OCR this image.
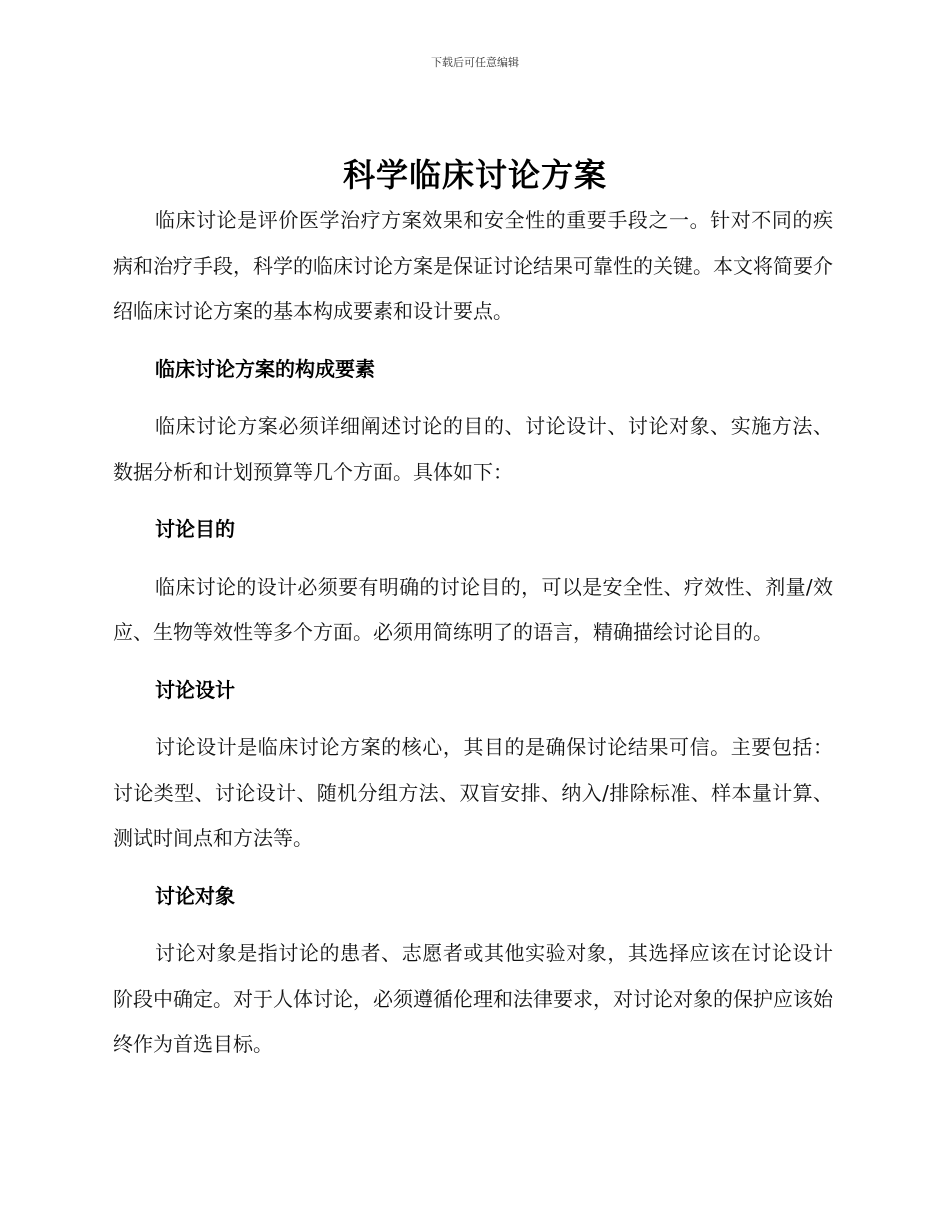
下载后可任意编辑
科学临床讨论方案

临床讨论是评价医学治疗方案效果和安全性的重要手段之一。针对不同的疾病和治疗手段，科学的临床讨论方案是保证讨论结果可靠性的关键。本文将简要介绍临床讨论方案的基本构成要素和设计要点。

临床讨论方案的构成要素

临床讨论方案必须详细阐述讨论的目的、讨论设计、讨论对象、实施方法、数据分析和计划预算等几个方面。具体如下：

讨论目的

临床讨论的设计必须要有明确的讨论目的，可以是安全性、疗效性、剂量/效应、生物等效性等多个方面。必须用简练明了的语言，精确描绘讨论目的。

讨论设计

讨论设计是临床讨论方案的核心，其目的是确保讨论结果可信。主要包括：讨论类型、讨论设计、随机分组方法、双盲安排、纳入/排除标准、样本量计算、测试时间点和方法等。

讨论对象

讨论对象是指讨论的患者、志愿者或其他实验对象，其选择应该在讨论设计阶段中确定。对于人体讨论，必须遵循伦理和法律要求，对讨论对象的保护应该始终作为首选目标。
